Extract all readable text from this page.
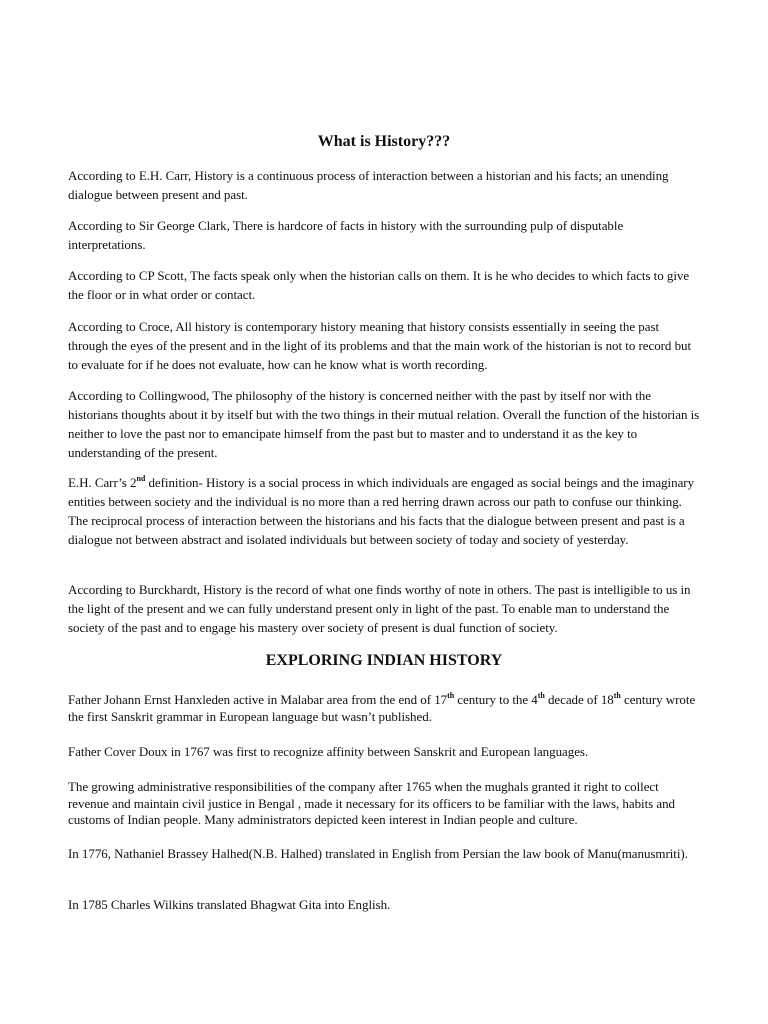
What is History???

According to E.H. Carr, History is a continuous process of interaction between a historian and his facts; an unending dialogue between present and past.

According to Sir George Clark, There is hardcore of facts in history with the surrounding pulp of disputable interpretations.

According to CP Scott, The facts speak only when the historian calls on them. It is he who decides to which facts to give the floor or in what order or contact.

According to Croce, All history is contemporary history meaning that history consists essentially in seeing the past through the eyes of the present and in the light of its problems and that the main work of the historian is not to record but to evaluate for if he does not evaluate, how can he know what is worth recording.

According to Collingwood, The philosophy of the history is concerned neither with the past by itself nor with the historians thoughts about it by itself but with the two things in their mutual relation. Overall the function of the historian is neither to love the past nor to emancipate himself from the past but to master and to understand it as the key to understanding of the present.

E.H. Carr’s 2nd definition- History is a social process in which individuals are engaged as social beings and the imaginary entities between society and the individual is no more than a red herring drawn across our path to confuse our thinking. The reciprocal process of interaction between the historians and his facts that the dialogue between present and past is a dialogue not between abstract and isolated individuals but between society of today and society of yesterday.

According to Burckhardt, History is the record of what one finds worthy of note in others. The past is intelligible to us in the light of the present and we can fully understand present only in light of the past. To enable man to understand the society of the past and to engage his mastery over society of present is dual function of society.

EXPLORING INDIAN HISTORY

Father Johann Ernst Hanxleden active in Malabar area from the end of 17th century to the 4th decade of 18th century wrote the first Sanskrit grammar in European language but wasn’t published.

Father Cover Doux in 1767 was first to recognize affinity between Sanskrit and European languages.

The growing administrative responsibilities of the company after 1765 when the mughals granted it right to collect revenue and maintain civil justice in Bengal , made it necessary for its officers to be familiar with the laws, habits and customs of Indian people. Many administrators depicted keen interest in Indian people and culture.

In 1776, Nathaniel Brassey Halhed(N.B. Halhed) translated in English from Persian the law book of Manu(manusmriti).

In 1785 Charles Wilkins translated Bhagwat Gita into English.
